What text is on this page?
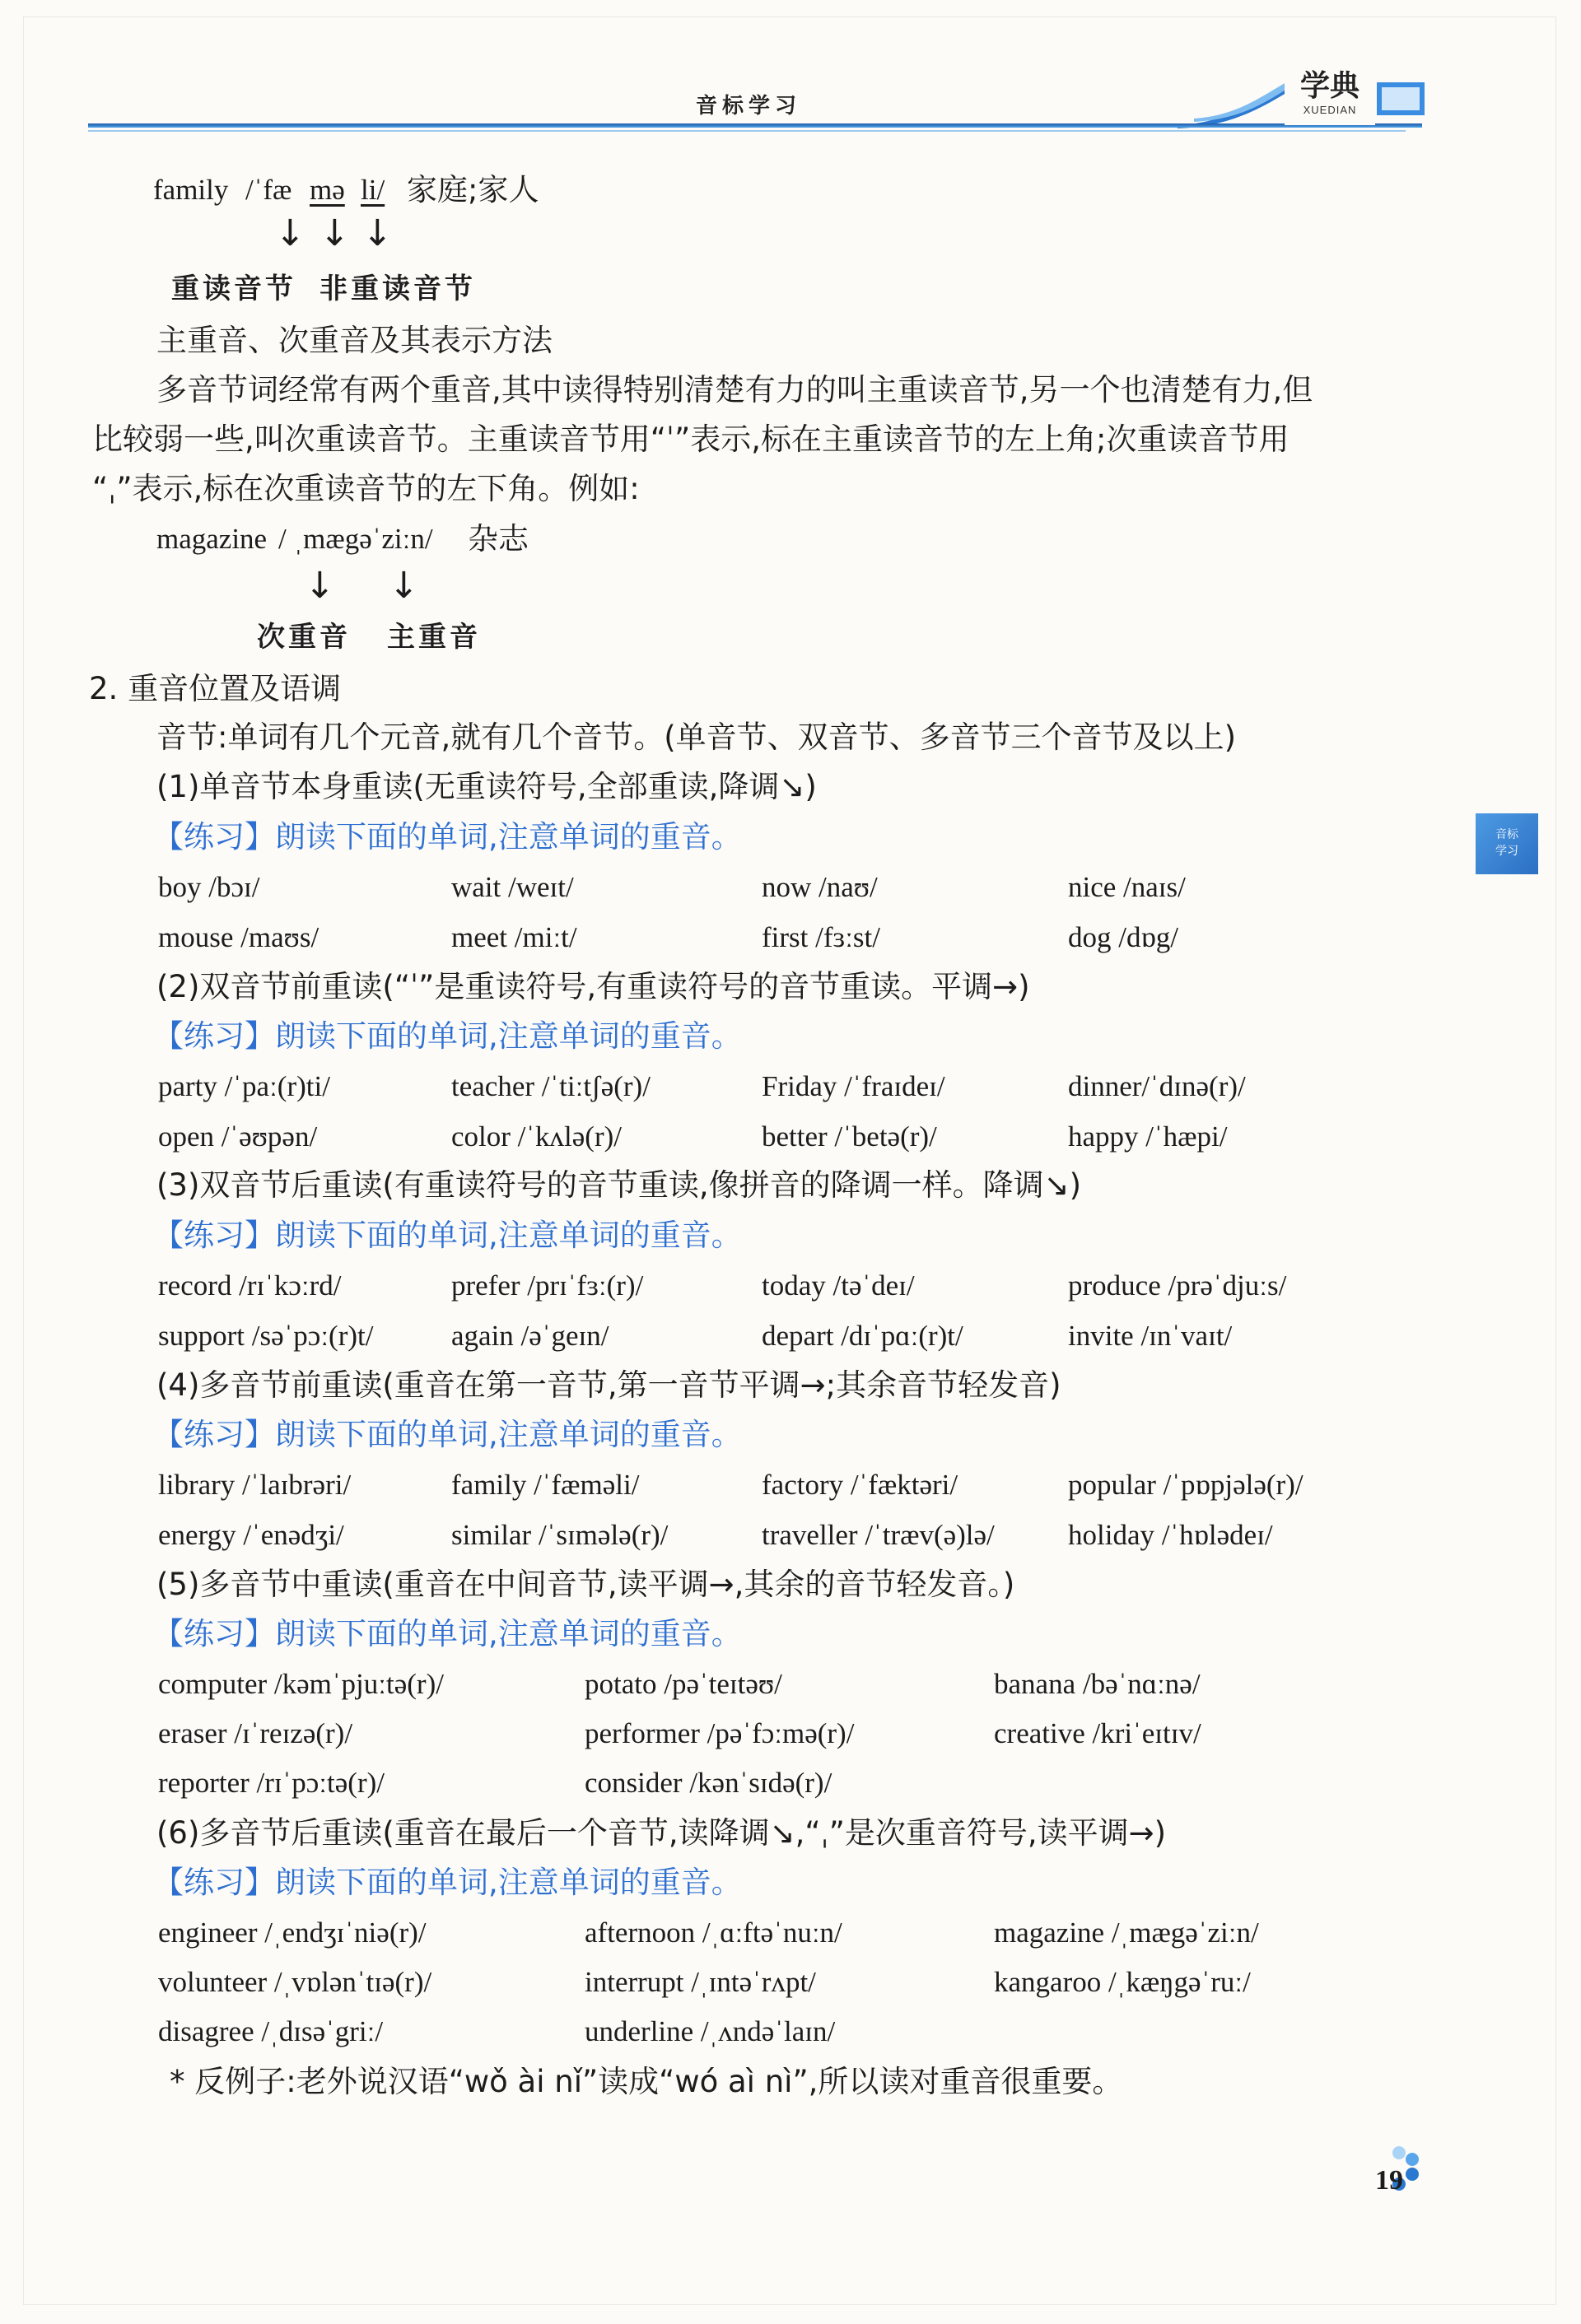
音标学习
学典
XUEDIAN
音标
学习
family /ˈfæ mə li/ 家庭;家人
↓ ↓ ↓
重读音节 非重读音节
主重音、次重音及其表示方法
多音节词经常有两个重音,其中读得特别清楚有力的叫主重读音节,另一个也清楚有力,但
比较弱一些,叫次重读音节。主重读音节用“ˈ”表示,标在主重读音节的左上角;次重读音节用
“ˌ”表示,标在次重读音节的左下角。例如:
magazine / ˌmægəˈziːn/ 杂志
↓ ↓
次重音 主重音
2. 重音位置及语调
音节:单词有几个元音,就有几个音节。(单音节、双音节、多音节三个音节及以上)
(1)单音节本身重读(无重读符号,全部重读,降调↘)
【练习】朗读下面的单词,注意单词的重音。
boy /bɔɪ/	wait /weɪt/	now /naʊ/	nice /naɪs/
mouse /maʊs/	meet /miːt/	first /fɜːst/	dog /dɒg/
(2)双音节前重读(“ˈ”是重读符号,有重读符号的音节重读。平调→)
【练习】朗读下面的单词,注意单词的重音。
party /ˈpaː(r)ti/	teacher /ˈtiːtʃə(r)/	Friday /ˈfraɪdeɪ/	dinner/ˈdɪnə(r)/
open /ˈəʊpən/	color /ˈkʌlə(r)/	better /ˈbetə(r)/	happy /ˈhæpi/
(3)双音节后重读(有重读符号的音节重读,像拼音的降调一样。降调↘)
【练习】朗读下面的单词,注意单词的重音。
record /rɪˈkɔːrd/	prefer /prɪˈfɜː(r)/	today /təˈdeɪ/	produce /prəˈdjuːs/
support /səˈpɔː(r)t/	again /əˈgeɪn/	depart /dɪˈpɑː(r)t/	invite /ɪnˈvaɪt/
(4)多音节前重读(重音在第一音节,第一音节平调→;其余音节轻发音)
【练习】朗读下面的单词,注意单词的重音。
library /ˈlaɪbrəri/	family /ˈfæməli/	factory /ˈfæktəri/	popular /ˈpɒpjələ(r)/
energy /ˈenədʒi/	similar /ˈsɪmələ(r)/	traveller /ˈtræv(ə)lə/	holiday /ˈhɒlədeɪ/
(5)多音节中重读(重音在中间音节,读平调→,其余的音节轻发音。)
【练习】朗读下面的单词,注意单词的重音。
computer /kəmˈpjuːtə(r)/	potato /pəˈteɪtəʊ/	banana /bəˈnɑːnə/
eraser /ɪˈreɪzə(r)/	performer /pəˈfɔːmə(r)/	creative /kriˈeɪtɪv/
reporter /rɪˈpɔːtə(r)/	consider /kənˈsɪdə(r)/
(6)多音节后重读(重音在最后一个音节,读降调↘,“ˌ”是次重音符号,读平调→)
【练习】朗读下面的单词,注意单词的重音。
engineer /ˌendʒɪˈniə(r)/	afternoon /ˌɑːftəˈnuːn/	magazine /ˌmægəˈziːn/
volunteer /ˌvɒlənˈtɪə(r)/	interrupt /ˌɪntəˈrʌpt/	kangaroo /ˌkæŋgəˈruː/
disagree /ˌdɪsəˈgriː/	underline /ˌʌndəˈlaɪn/
* 反例子:老外说汉语“wǒ ài nǐ”读成“wó aì nì”,所以读对重音很重要。
19
